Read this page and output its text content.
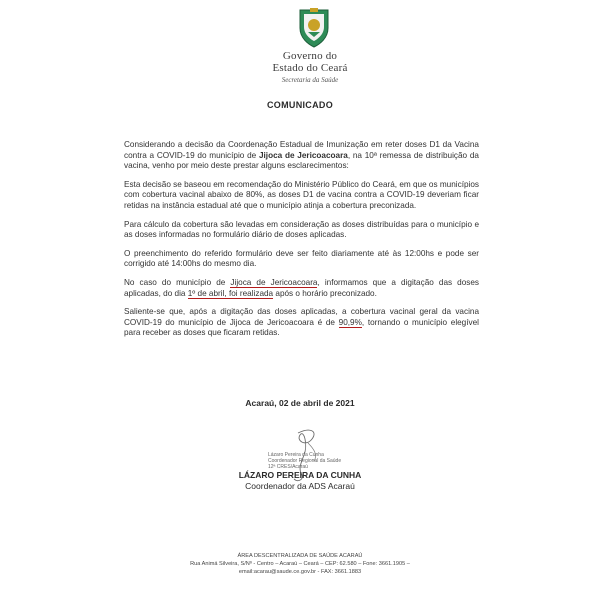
Governo do
Estado do Ceará
Secretaria da Saúde
COMUNICADO

Considerando a decisão da Coordenação Estadual de Imunização em reter doses D1 da Vacina contra a COVID-19 do município de Jijoca de Jericoacoara, na 10ª remessa de distribuição da vacina, venho por meio deste prestar alguns esclarecimentos:

Esta decisão se baseou em recomendação do Ministério Público do Ceará, em que os municípios com cobertura vacinal abaixo de 80%, as doses D1 de vacina contra a COVID-19 deveriam ficar retidas na instância estadual até que o município atinja a cobertura preconizada.

Para cálculo da cobertura são levadas em consideração as doses distribuídas para o município e as doses informadas no formulário diário de doses aplicadas.

O preenchimento do referido formulário deve ser feito diariamente até às 12:00hs e pode ser corrigido até 14:00hs do mesmo dia.

No caso do município de Jijoca de Jericoacoara, informamos que a digitação das doses aplicadas, do dia 1º de abril, foi realizada após o horário preconizado.

Saliente-se que, após a digitação das doses aplicadas, a cobertura vacinal geral da vacina COVID-19 do município de Jijoca de Jericoacoara é de 90,9%, tornando o município elegível para receber as doses que ficaram retidas.

Acaraú, 02 de abril de 2021
Lázaro Pereira da Cunha
Coordenador Regional da Saúde
12ª CRES/Acaraú
LÁZARO PEREIRA DA CUNHA
Coordenador da ADS Acaraú
ÁREA DESCENTRALIZADA DE SAÚDE ACARAÚ
Rua Animá Silveira, S/Nº - Centro – Acaraú – Ceará – CEP: 62.580 – Fone: 3661.1905 –
email:acarau@saude.ce.gov.br - FAX: 3661.1883
